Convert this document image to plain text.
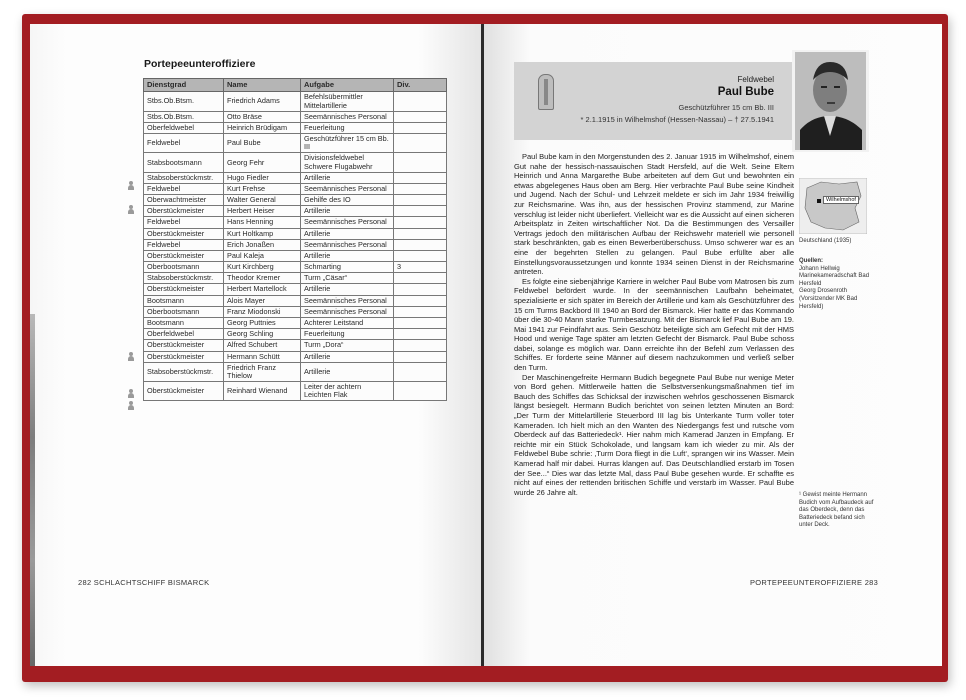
Portepeeunteroffiziere
Dienstgrad	Name	Aufgabe	Div.
Stbs.Ob.Btsm.	Friedrich Adams	Befehlsübermittler Mittelartillerie	
Stbs.Ob.Btsm.	Otto Bräse	Seemännisches Personal	
Oberfeldwebel	Heinrich Brüdigam	Feuerleitung	
Feldwebel	Paul Bube	Geschützführer 15 cm Bb. III	
Stabsbootsmann	Georg Fehr	Divisionsfeldwebel Schwere Flugabwehr	
Stabsoberstückmstr.	Hugo Fiedler	Artillerie	
Feldwebel	Kurt Frehse	Seemännisches Personal	
Oberwachtmeister	Walter General	Gehilfe des IO	
Oberstückmeister	Herbert Heiser	Artillerie	
Feldwebel	Hans Henning	Seemännisches Personal	
Oberstückmeister	Kurt Holtkamp	Artillerie	
Feldwebel	Erich Jonaßen	Seemännisches Personal	
Oberstückmeister	Paul Kaleja	Artillerie	
Oberbootsmann	Kurt Kirchberg	Schmarting	3
Stabsoberstückmstr.	Theodor Kremer	Turm „Cäsar“	
Oberstückmeister	Herbert Martellock	Artillerie	
Bootsmann	Alois Mayer	Seemännisches Personal	
Oberbootsmann	Franz Miodonski	Seemännisches Personal	
Bootsmann	Georg Puttnies	Achterer Leitstand	
Oberfeldwebel	Georg Schling	Feuerleitung	
Oberstückmeister	Alfred Schubert	Turm „Dora“	
Oberstückmeister	Hermann Schütt	Artillerie	
Stabsoberstückmstr.	Friedrich Franz Thielow	Artillerie	
Oberstückmeister	Reinhard Wienand	Leiter der achtern Leichten Flak	
282 SCHLACHTSCHIFF BISMARCK
Feldwebel
Paul Bube
Geschützführer 15 cm Bb. III
* 2.1.1915 in Wilhelmshof (Hessen-Nassau) – † 27.5.1941

Paul Bube kam in den Morgenstunden des 2. Januar 1915 im Wilhelmshof, einem Gut nahe der hessisch-nassauischen Stadt Hersfeld, auf die Welt. Seine Eltern Heinrich und Anna Margarethe Bube arbeiteten auf dem Gut und bewohnten ein etwas abgelegenes Haus oben am Berg. Hier verbrachte Paul Bube seine Kindheit und Jugend. Nach der Schul- und Lehrzeit meldete er sich im Jahr 1934 freiwillig zur Reichsmarine. Was ihn, aus der hessischen Provinz stammend, zur Marine verschlug ist leider nicht überliefert. Vielleicht war es die Aussicht auf einen sicheren Arbeitsplatz in Zeiten wirtschaftlicher Not. Da die Bestimmungen des Versailler Vertrags jedoch den militärischen Aufbau der Reichswehr materiell wie personell stark beschränkten, gab es einen Bewerberüberschuss. Umso schwerer war es an eine der begehrten Stellen zu gelangen. Paul Bube erfüllte aber alle Einstellungsvoraussetzungen und konnte 1934 seinen Dienst in der Reichsmarine antreten.

Es folgte eine siebenjährige Karriere in welcher Paul Bube vom Matrosen bis zum Feldwebel befördert wurde. In der seemännischen Laufbahn beheimatet, spezialisierte er sich später im Bereich der Artillerie und kam als Geschützführer des 15 cm Turms Backbord III 1940 an Bord der Bismarck. Hier hatte er das Kommando über die 30-40 Mann starke Turmbesatzung. Mit der Bismarck lief Paul Bube am 19. Mai 1941 zur Feindfahrt aus. Sein Geschütz beteiligte sich am Gefecht mit der HMS Hood und wenige Tage später am letzten Gefecht der Bismarck. Paul Bube schoss dabei, solange es möglich war. Dann erreichte ihn der Befehl zum Verlassen des Schiffes. Er forderte seine Männer auf diesem nachzukommen und verließ selber den Turm.

Der Maschinengefreite Hermann Budich begegnete Paul Bube nur wenige Meter von Bord gehen. Mittlerweile hatten die Selbstversenkungsmaßnahmen tief im Bauch des Schiffes das Schicksal der inzwischen wehrlos geschossenen Bismarck längst besiegelt. Hermann Budich berichtet von seinen letzten Minuten an Bord: „Der Turm der Mittelartillerie Steuerbord III lag bis Unterkante Turm voller toter Kameraden. Ich hielt mich an den Wanten des Niedergangs fest und rutsche vom Oberdeck auf das Batteriedeck¹. Hier nahm mich Kamerad Janzen in Empfang. Er reichte mir ein Stück Schokolade, und langsam kam ich wieder zu mir. Als der Feldwebel Bube schrie: ‚Turm Dora fliegt in die Luft‘, sprangen wir ins Wasser. Mein Kamerad half mir dabei. Hurras klangen auf. Das Deutschlandlied erstarb im Tosen der See...“ Dies war das letzte Mal, dass Paul Bube gesehen wurde. Er schaffte es nicht auf eines der rettenden britischen Schiffe und verstarb im Wasser. Paul Bube wurde 26 Jahre alt.

Wilhelmshof
Deutschland (1935)
Quellen:
Johann Hellwig
Marinekameradschaft Bad Hersfeld
Georg Drosenroth (Vorsitzender MK Bad Hersfeld)
¹ Gewist meinte Hermann Budich vom Aufbaudeck auf das Oberdeck, denn das Batteriedeck befand sich unter Deck.
PORTEPEEUNTEROFFIZIERE 283
